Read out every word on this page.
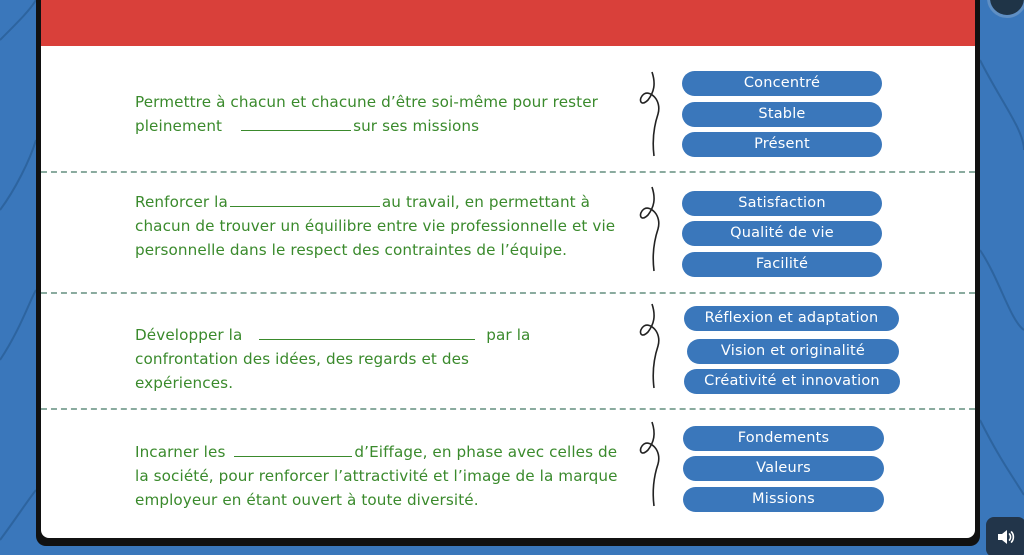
Permettre à chacun et chacune d’être soi-même pour rester pleinement	sur ses missions
Concentré
Stable
Présent
Renforcer la	au travail, en permettant à chacun de trouver un équilibre entre vie professionnelle et vie personnelle dans le respect des contraintes de l’équipe.
Satisfaction
Qualité de vie
Facilité
Développer la	par la confrontation des idées, des regards et des expériences.
Réflexion et adaptation
Vision et originalité
Créativité et innovation
Incarner les	d’Eiffage, en phase avec celles de la société, pour renforcer l’attractivité et l’image de la marque employeur en étant ouvert à toute diversité.
Fondements
Valeurs
Missions
